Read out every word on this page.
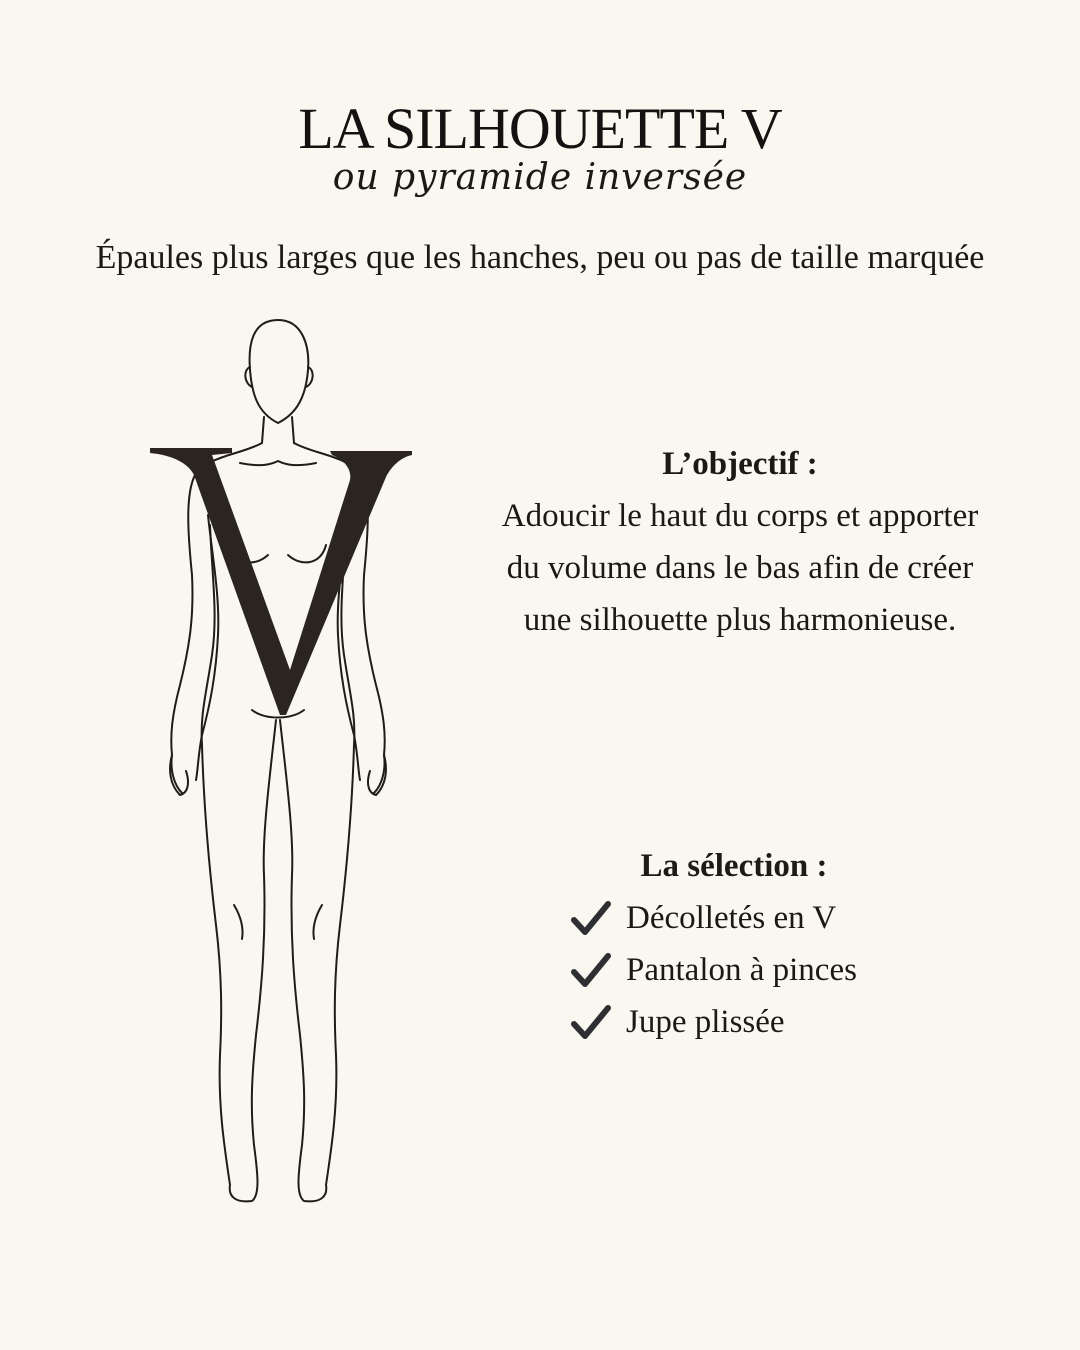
LA SILHOUETTE V
ou pyramide inversée
Épaules plus larges que les hanches, peu ou pas de taille marquée
L’objectif :
Adoucir le haut du corps et apporter du volume dans le bas afin de créer une silhouette plus harmonieuse.
La sélection :
Décolletés en V
Pantalon à pinces
Jupe plissée
